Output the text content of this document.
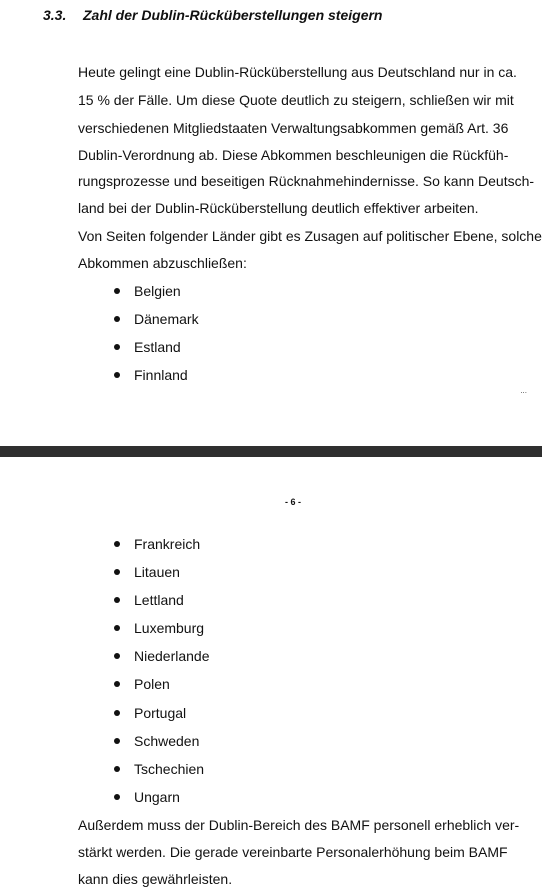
3.3. Zahl der Dublin-Rücküberstellungen steigern
Heute gelingt eine Dublin-Rücküberstellung aus Deutschland nur in ca.
15 % der Fälle. Um diese Quote deutlich zu steigern, schließen wir mit
verschiedenen Mitgliedstaaten Verwaltungsabkommen gemäß Art. 36
Dublin-Verordnung ab. Diese Abkommen beschleunigen die Rückfüh-
rungsprozesse und beseitigen Rücknahmehindernisse. So kann Deutsch-
land bei der Dublin-Rücküberstellung deutlich effektiver arbeiten.
Von Seiten folgender Länder gibt es Zusagen auf politischer Ebene, solche
Abkommen abzuschließen:
Belgien
Dänemark
Estland
Finnland
...
- 6 -
Frankreich
Litauen
Lettland
Luxemburg
Niederlande
Polen
Portugal
Schweden
Tschechien
Ungarn
Außerdem muss der Dublin-Bereich des BAMF personell erheblich ver-
stärkt werden. Die gerade vereinbarte Personalerhöhung beim BAMF
kann dies gewährleisten.
